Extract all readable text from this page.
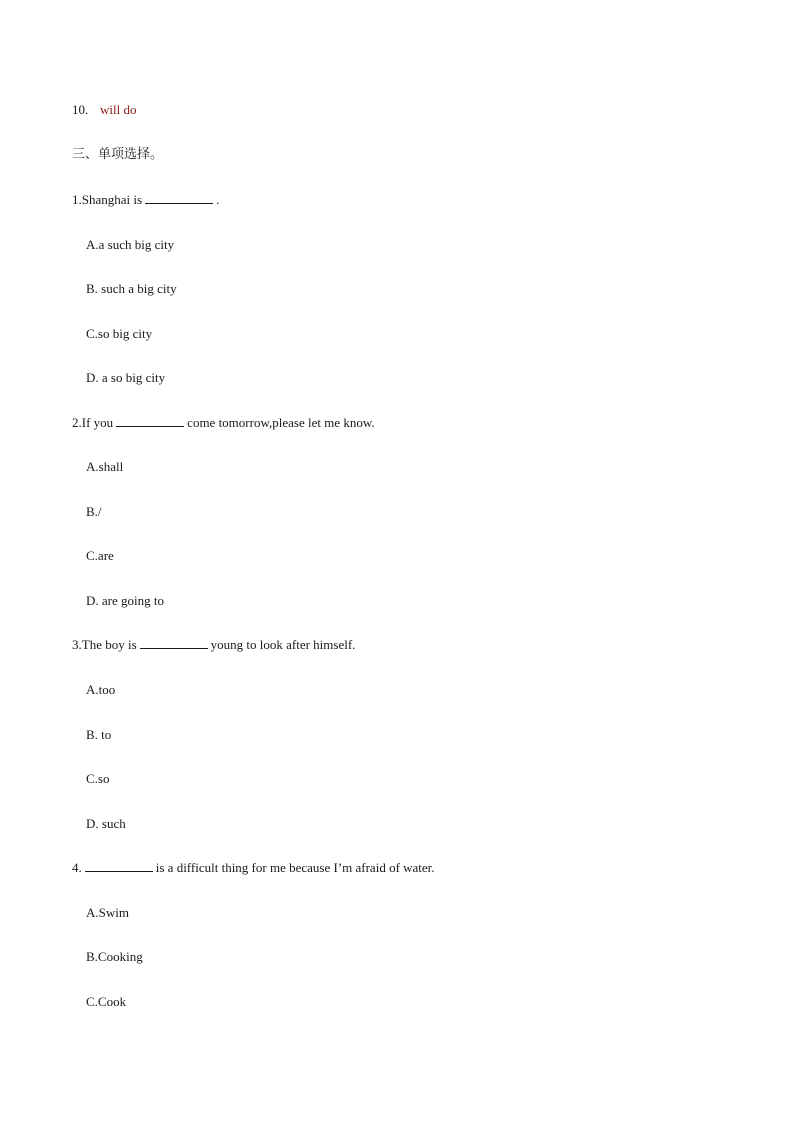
10. will do
三、单项选择。
1.Shanghai is	.
A.a such big city
B. such a big city
C.so big city
D. a so big city
2.If you	come tomorrow,please let me know.
A.shall
B./
C.are
D. are going to
3.The boy is	young to look after himself.
A.too
B. to
C.so
D. such
4.	is a difficult thing for me because I’m afraid of water.
A.Swim
B.Cooking
C.Cook
